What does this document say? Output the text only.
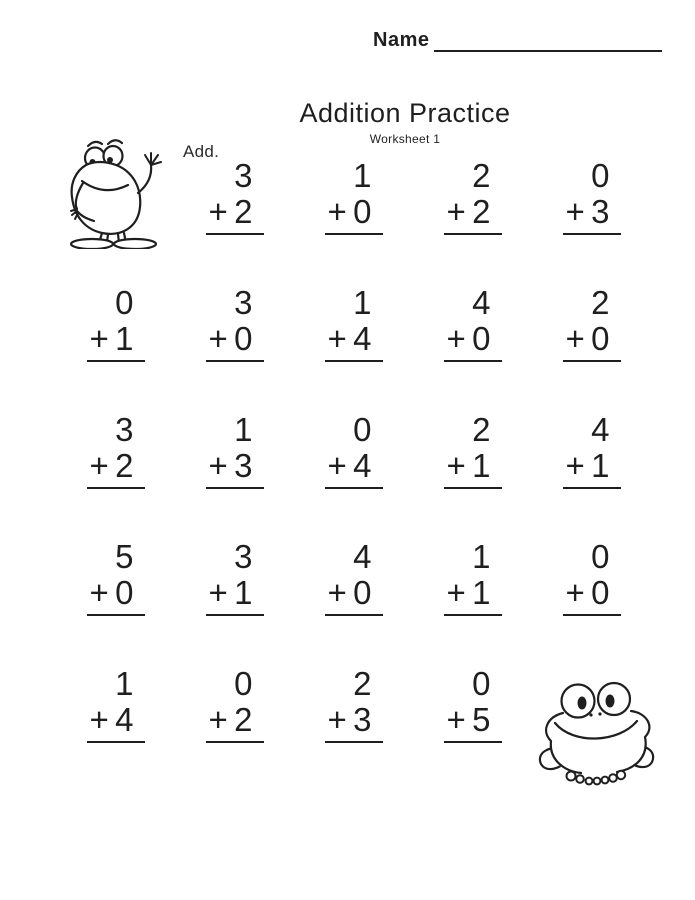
Name
Addition Practice
Worksheet 1
Add.
3
+ 2
1
+ 0
2
+ 2
0
+ 3
0
+ 1
3
+ 0
1
+ 4
4
+ 0
2
+ 0
3
+ 2
1
+ 3
0
+ 4
2
+ 1
4
+ 1
5
+ 0
3
+ 1
4
+ 0
1
+ 1
0
+ 0
1
+ 4
0
+ 2
2
+ 3
0
+ 5
